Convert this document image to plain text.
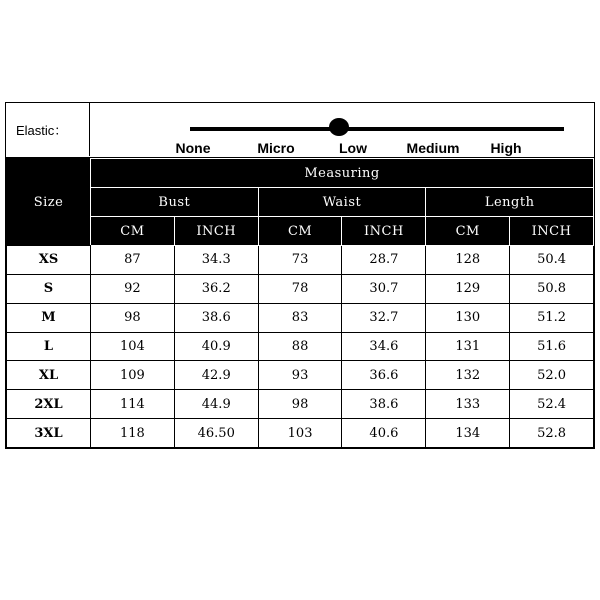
Elastic：
None	Micro	Low	Medium High
Size	Measuring					
	Bust		Waist		Length	
	CM	INCH	CM	INCH	CM	INCH
XS	87	34.3	73	28.7	128	50.4
S	92	36.2	78	30.7	129	50.8
M	98	38.6	83	32.7	130	51.2
L	104	40.9	88	34.6	131	51.6
XL	109	42.9	93	36.6	132	52.0
2XL	114	44.9	98	38.6	133	52.4
3XL	118	46.50	103	40.6	134	52.8
